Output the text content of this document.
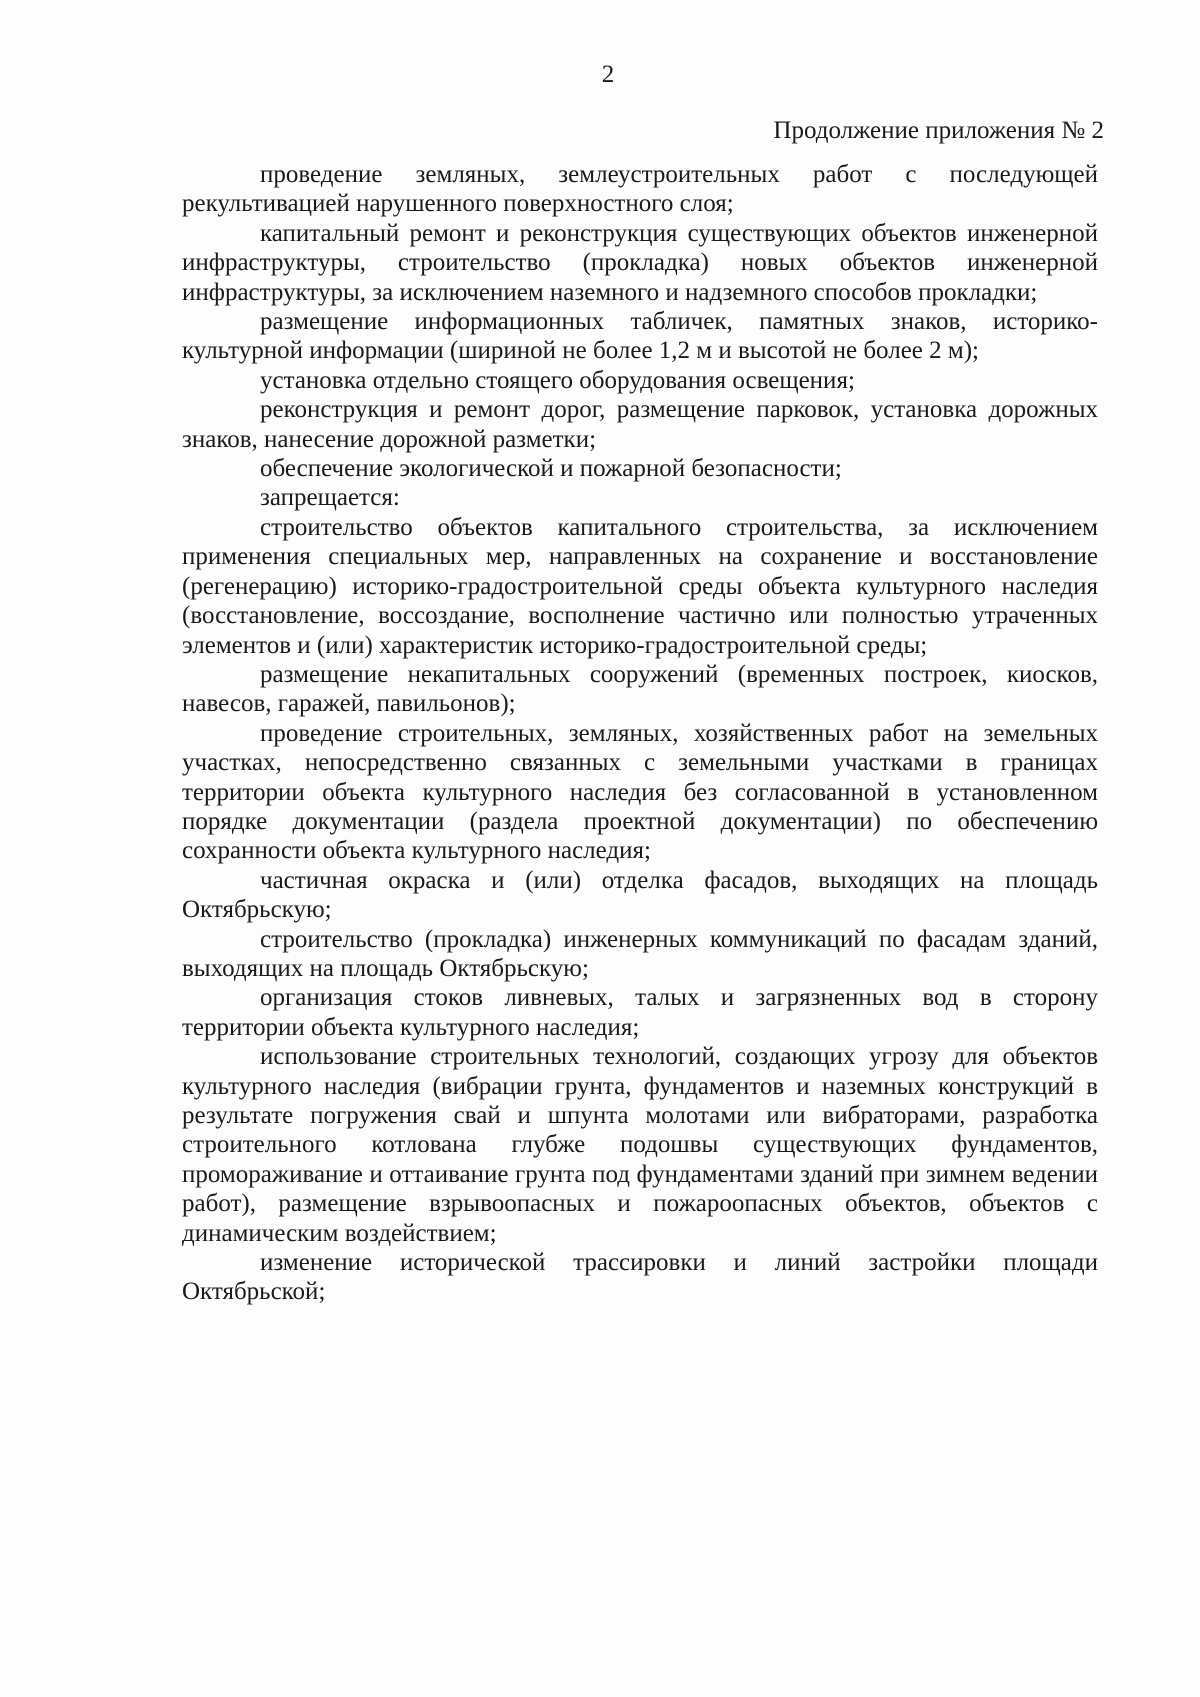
2
Продолжение приложения № 2

проведение земляных, землеустроительных работ с последующей рекультивацией нарушенного поверхностного слоя;

капитальный ремонт и реконструкция существующих объектов инженерной инфраструктуры, строительство (прокладка) новых объектов инженерной инфраструктуры, за исключением наземного и надземного способов прокладки;

размещение информационных табличек, памятных знаков, историко-культурной информации (шириной не более 1,2 м и высотой не более 2 м);

установка отдельно стоящего оборудования освещения;

реконструкция и ремонт дорог, размещение парковок, установка дорожных знаков, нанесение дорожной разметки;

обеспечение экологической и пожарной безопасности;

запрещается:

строительство объектов капитального строительства, за исключением применения специальных мер, направленных на сохранение и восстановление (регенерацию) историко-градостроительной среды объекта культурного наследия (восстановление, воссоздание, восполнение частично или полностью утраченных элементов и (или) характеристик историко-градостроительной среды;

размещение некапитальных сооружений (временных построек, киосков, навесов, гаражей, павильонов);

проведение строительных, земляных, хозяйственных работ на земельных участках, непосредственно связанных с земельными участками в границах территории объекта культурного наследия без согласованной в установленном порядке документации (раздела проектной документации) по обеспечению сохранности объекта культурного наследия;

частичная окраска и (или) отделка фасадов, выходящих на площадь Октябрьскую;

строительство (прокладка) инженерных коммуникаций по фасадам зданий, выходящих на площадь Октябрьскую;

организация стоков ливневых, талых и загрязненных вод в сторону территории объекта культурного наследия;

использование строительных технологий, создающих угрозу для объектов культурного наследия (вибрации грунта, фундаментов и наземных конструкций в результате погружения свай и шпунта молотами или вибраторами, разработка строительного котлована глубже подошвы существующих фундаментов, промораживание и оттаивание грунта под фундаментами зданий при зимнем ведении работ), размещение взрывоопасных и пожароопасных объектов, объектов с динамическим воздействием;

изменение исторической трассировки и линий застройки площади Октябрьской;
